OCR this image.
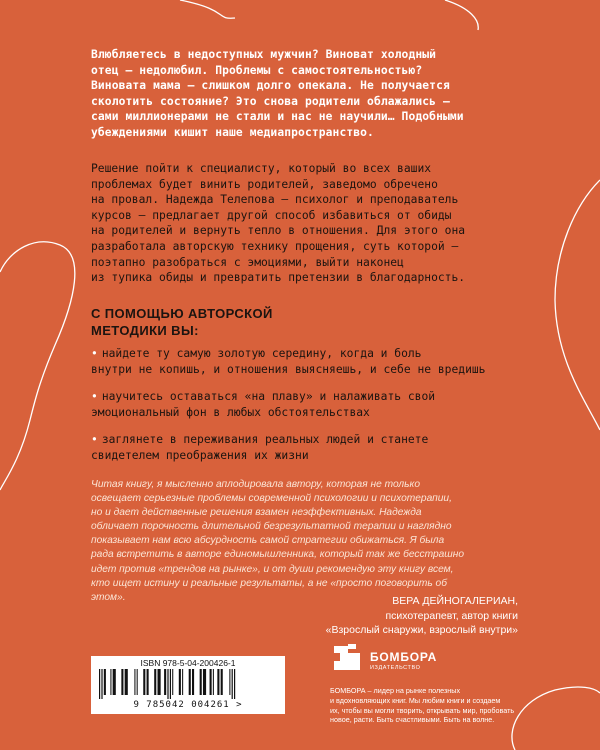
Влюбляетесь в недоступных мужчин? Виноват холодный
отец – недолюбил. Проблемы с самостоятельностью?
Виновата мама – слишком долго опекала. Не получается
сколотить состояние? Это снова родители облажались –
сами миллионерами не стали и нас не научили… Подобными
убеждениями кишит наше медиапространство.
Решение пойти к специалисту, который во всех ваших
проблемах будет винить родителей, заведомо обречено
на провал. Надежда Телепова – психолог и преподаватель
курсов – предлагает другой способ избавиться от обиды
на родителей и вернуть тепло в отношения. Для этого она
разработала авторскую технику прощения, суть которой –
поэтапно разобраться с эмоциями, выйти наконец
из тупика обиды и превратить претензии в благодарность.
С ПОМОЩЬЮ АВТОРСКОЙ
МЕТОДИКИ ВЫ:
• найдете ту самую золотую середину, когда и боль
внутри не копишь, и отношения выясняешь, и себе не вредишь
• научитесь оставаться «на плаву» и налаживать свой
эмоциональный фон в любых обстоятельствах
• заглянете в переживания реальных людей и станете
свидетелем преображения их жизни
Читая книгу, я мысленно аплодировала автору, которая не только
освещает серьезные проблемы современной психологии и психотерапии,
но и дает действенные решения взамен неэффективных. Надежда
обличает порочность длительной безрезультатной терапии и наглядно
показывает нам всю абсурдность самой стратегии обижаться. Я была
рада встретить в авторе единомышленника, который так же бесстрашно
идет против «трендов на рынке», и от души рекомендую эту книгу всем,
кто ищет истину и реальные результаты, а не «просто поговорить об
этом».	ВЕРА ДЕЙНОГАЛЕРИАН,
психотерапевт, автор книги
«Взрослый снаружи, взрослый внутри»
ISBN 978-5-04-200426-1
9 785042 004261 >
БОМБОРА
ИЗДАТЕЛЬСТВО
БОМБОРА – лидер на рынке полезных
и вдохновляющих книг. Мы любим книги и создаем
их, чтобы вы могли творить, открывать мир, пробовать
новое, расти. Быть счастливыми. Быть на волне.
